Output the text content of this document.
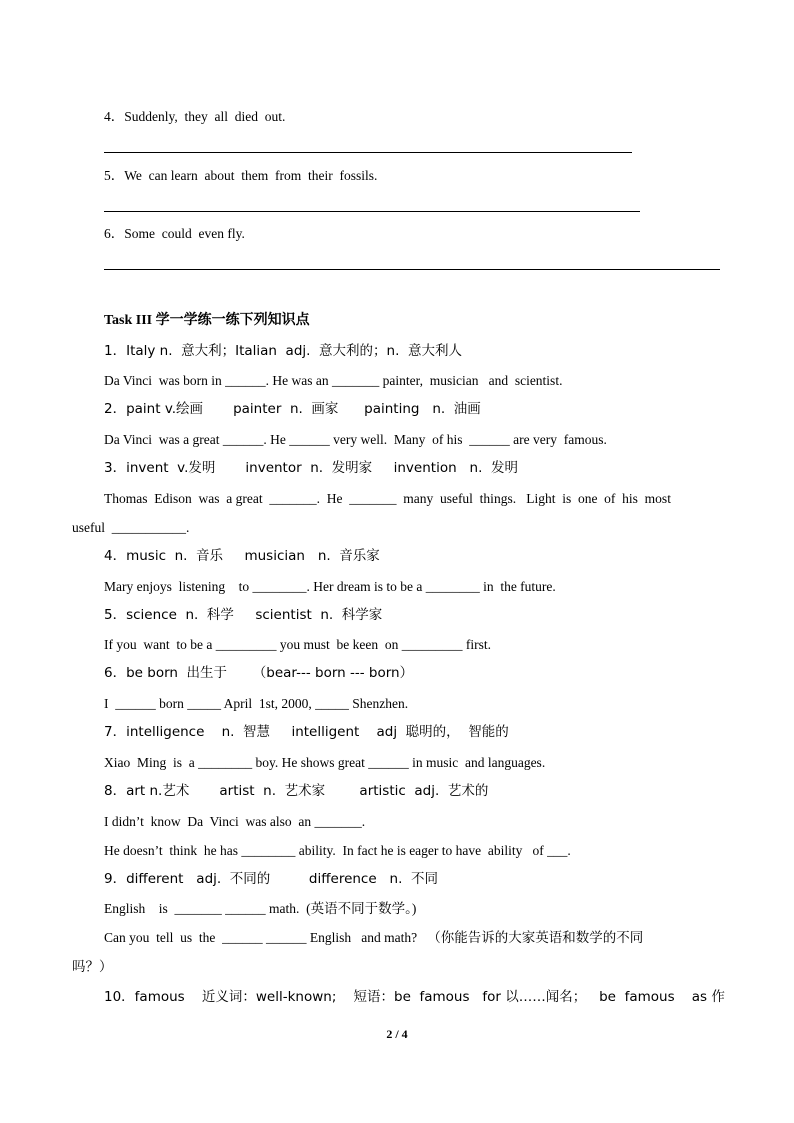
4．Suddenly,  they  all  died  out.
5．We  can learn  about  them  from  their  fossils.
6．Some  could  even fly.
Task III 学一学练一练下列知识点
1．Italy n.  意大利；Italian  adj.  意大利的；n.  意大利人
Da Vinci  was born in ______. He was an _______ painter,  musician   and  scientist.
2．paint v.绘画       painter  n.  画家      painting   n.  油画
Da Vinci  was a great ______. He ______ very well.  Many  of his  ______ are very  famous.
3．invent  v.发明       inventor  n.  发明家     invention   n.  发明
Thomas  Edison  was  a great  _______.  He  _______  many  useful  things.   Light  is  one  of  his  most
useful  ___________.
4．music  n.  音乐     musician   n.  音乐家
Mary enjoys  listening    to ________. Her dream is to be a ________ in  the future.
5．science  n.  科学     scientist  n.  科学家
If you  want  to be a _________ you must  be keen  on _________ first.
6．be born  出生于      （bear--- born --- born）
I  ______ born _____ April  1st, 2000, _____ Shenzhen.
7．intelligence    n.  智慧     intelligent    adj  聪明的，  智能的
Xiao  Ming  is  a ________ boy. He shows great ______ in music  and languages.
8．art n.艺术       artist  n.  艺术家        artistic  adj.  艺术的
I didn’t  know  Da  Vinci  was also  an _______.
He doesn’t  think  he has ________ ability.  In fact he is eager to have  ability   of ___.
9．different   adj.  不同的         difference   n.  不同
English    is  _______ ______ math.  (英语不同于数学。)
Can you  tell  us  the  ______ ______ English   and math?   （你能告诉的大家英语和数学的不同
吗？）
10．famous    近义词：well-known;    短语：be  famous   for 以……闻名；   be  famous    as 作
2 / 4
